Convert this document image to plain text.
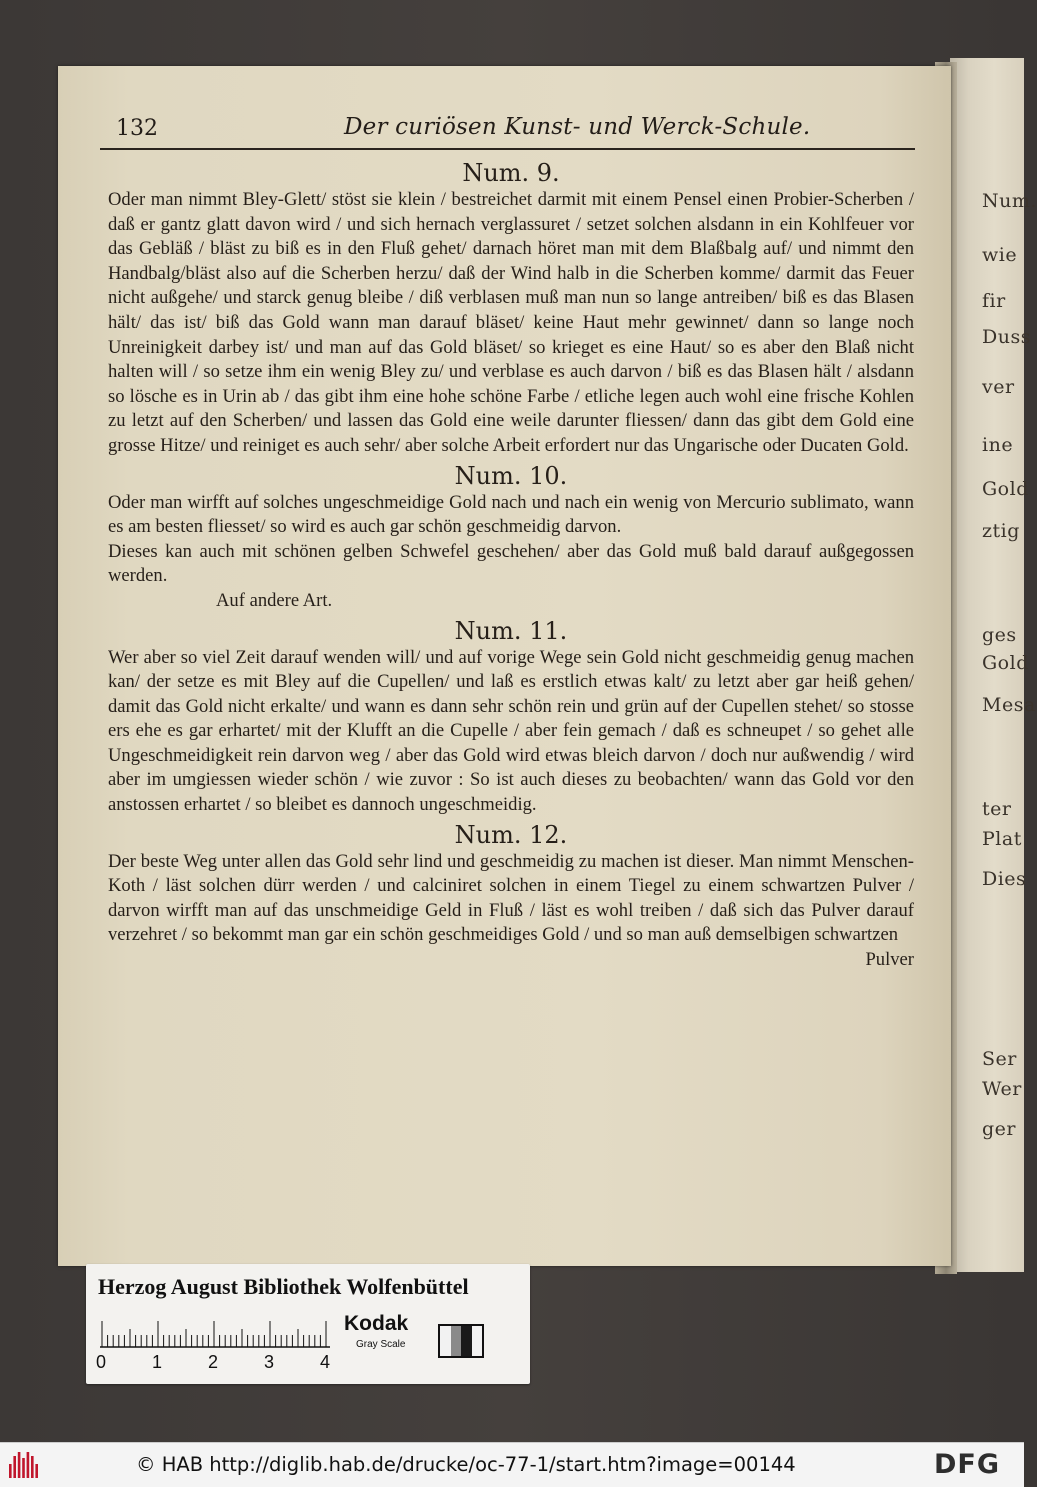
Num.
wie
fir
Duss
ver
ine
Gold
ztig
ges
Gold
Mesa
ter
Plat
Dies
Ser
Wer
ger
132	Der curiösen Kunst- und Werck-Schule.
Num. 9.

Oder man nimmt Bley-Glett/ stöst sie klein / bestreichet darmit mit einem Pensel einen Probier-Scherben / daß er gantz glatt davon wird / und sich hernach verglassuret / setzet solchen alsdann in ein Kohlfeuer vor das Gebläß / bläst zu biß es in den Fluß gehet/ darnach höret man mit dem Blaßbalg auf/ und nimmt den Handbalg/bläst also auf die Scherben herzu/ daß der Wind halb in die Scherben komme/ darmit das Feuer nicht außgehe/ und starck genug bleibe / diß verblasen muß man nun so lange antreiben/ biß es das Blasen hält/ das ist/ biß das Gold wann man darauf bläset/ keine Haut mehr gewinnet/ dann so lange noch Unreinigkeit darbey ist/ und man auf das Gold bläset/ so krieget es eine Haut/ so es aber den Blaß nicht halten will / so setze ihm ein wenig Bley zu/ und verblase es auch darvon / biß es das Blasen hält / alsdann so lösche es in Urin ab / das gibt ihm eine hohe schöne Farbe / etliche legen auch wohl eine frische Kohlen zu letzt auf den Scherben/ und lassen das Gold eine weile darunter fliessen/ dann das gibt dem Gold eine grosse Hitze/ und reiniget es auch sehr/ aber solche Arbeit erfordert nur das Ungarische oder Ducaten Gold.

Num. 10.

Oder man wirfft auf solches ungeschmeidige Gold nach und nach ein wenig von Mercurio sublimato, wann es am besten fliesset/ so wird es auch gar schön geschmeidig darvon.

Dieses kan auch mit schönen gelben Schwefel geschehen/ aber das Gold muß bald darauf außgegossen werden.

Auf andere Art.

Num. 11.

Wer aber so viel Zeit darauf wenden will/ und auf vorige Wege sein Gold nicht geschmeidig genug machen kan/ der setze es mit Bley auf die Cupellen/ und laß es erstlich etwas kalt/ zu letzt aber gar heiß gehen/ damit das Gold nicht erkalte/ und wann es dann sehr schön rein und grün auf der Cupellen stehet/ so stosse ers ehe es gar erhartet/ mit der Klufft an die Cupelle / aber fein gemach / daß es schneupet / so gehet alle Ungeschmeidigkeit rein darvon weg / aber das Gold wird etwas bleich darvon / doch nur außwendig / wird aber im umgiessen wieder schön / wie zuvor : So ist auch dieses zu beobachten/ wann das Gold vor den anstossen erhartet / so bleibet es dannoch ungeschmeidig.

Num. 12.

Der beste Weg unter allen das Gold sehr lind und geschmeidig zu machen ist dieser. Man nimmt Menschen-Koth / läst solchen dürr werden / und calciniret solchen in einem Tiegel zu einem schwartzen Pulver / darvon wirfft man auf das unschmeidige Geld in Fluß / läst es wohl treiben / daß sich das Pulver darauf verzehret / so bekommt man gar ein schön geschmeidiges Gold / und so man auß demselbigen schwartzen

Pulver

Herzog August Bibliothek Wolfenbüttel
0	1	2	3	4
Kodak
Gray Scale
© HAB http://diglib.hab.de/drucke/oc-77-1/start.htm?image=00144	DFG
